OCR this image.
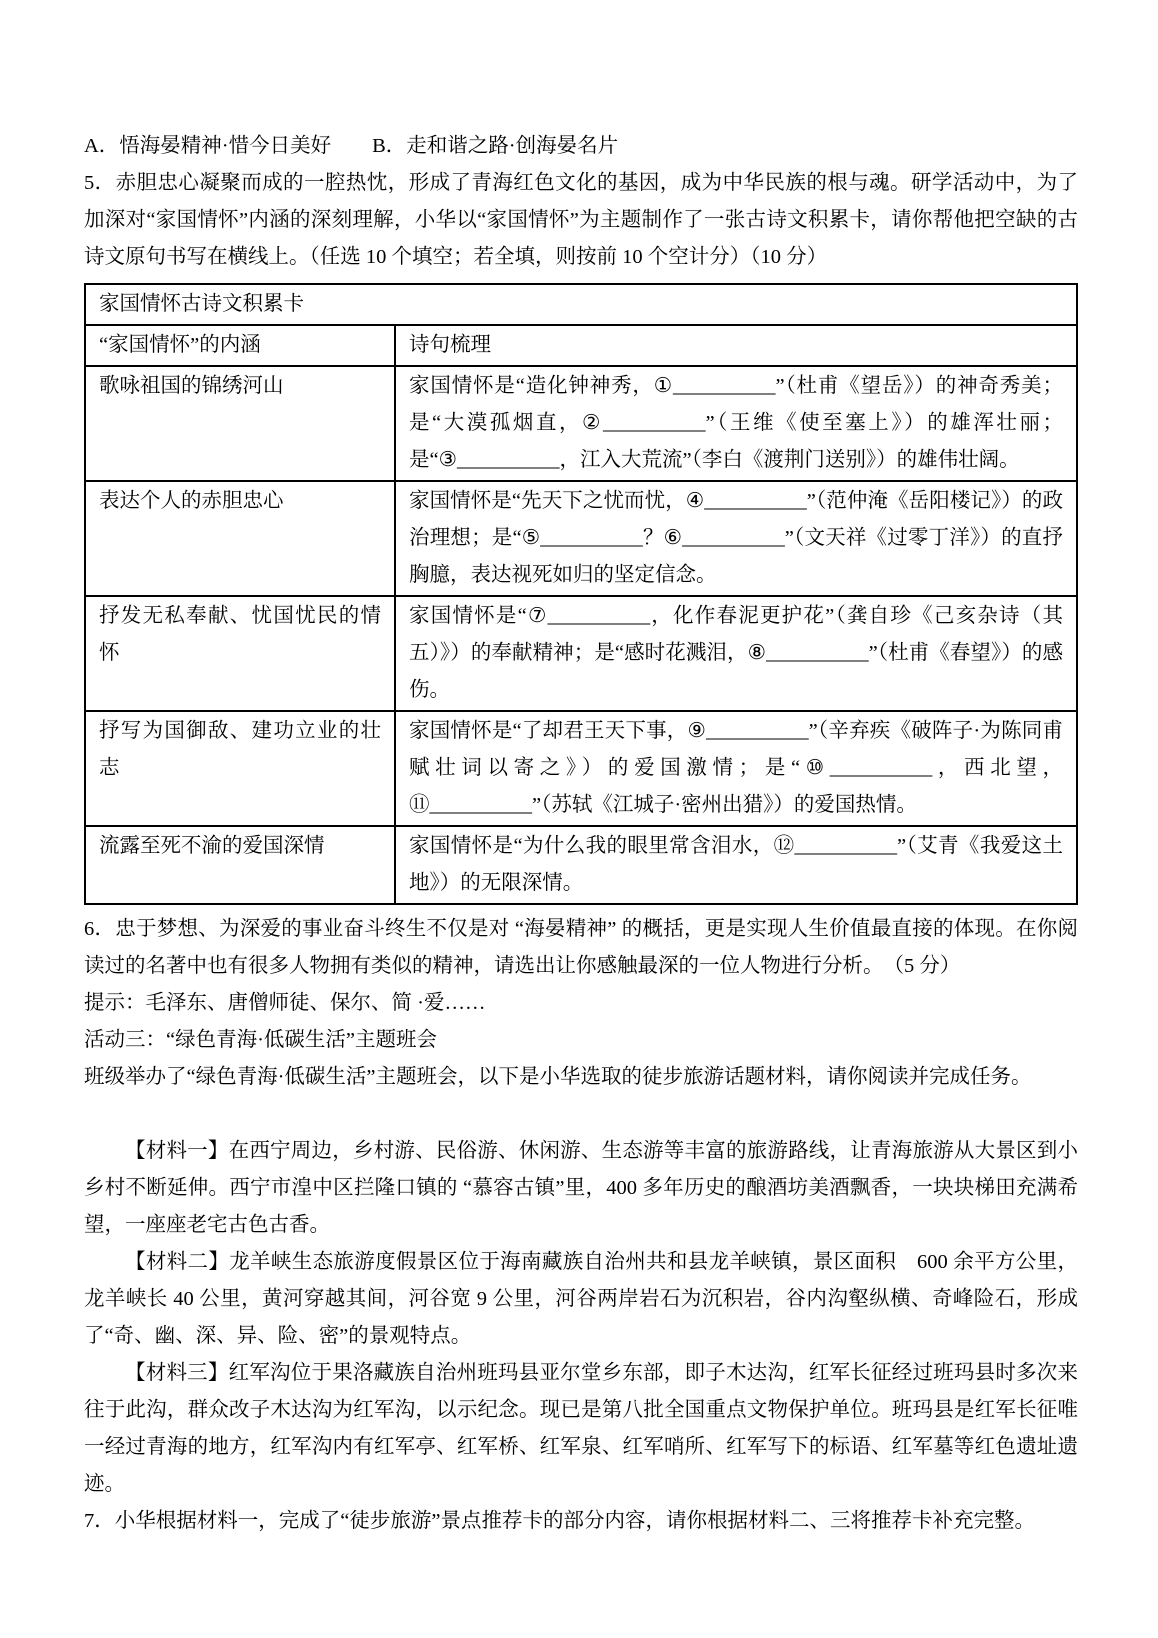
A．悟海晏精神·惜今日美好　　B．走和谐之路·创海晏名片

5．赤胆忠心凝聚而成的一腔热忱，形成了青海红色文化的基因，成为中华民族的根与魂。研学活动中，为了加深对“家国情怀”内涵的深刻理解，小华以“家国情怀”为主题制作了一张古诗文积累卡，请你帮他把空缺的古诗文原句书写在横线上。（任选 10 个填空；若全填，则按前 10 个空计分）（10 分）

家国情怀古诗文积累卡	
“家国情怀”的内涵	诗句梳理
歌咏祖国的锦绣河山	家国情怀是“造化钟神秀，①__________”（杜甫《望岳》）的神奇秀美；是“大漠孤烟直，②__________”（王维《使至塞上》）的雄浑壮丽；是“③__________，江入大荒流”（李白《渡荆门送别》）的雄伟壮阔。
表达个人的赤胆忠心	家国情怀是“先天下之忧而忧，④__________”（范仲淹《岳阳楼记》）的政治理想；是“⑤__________？⑥__________”（文天祥《过零丁洋》）的直抒胸臆，表达视死如归的坚定信念。
抒发无私奉献、忧国忧民的情怀	家国情怀是“⑦__________，化作春泥更护花”（龚自珍《己亥杂诗（其五）》）的奉献精神；是“感时花溅泪，⑧__________”（杜甫《春望》）的感伤。
抒写为国御敌、建功立业的壮志	家国情怀是“了却君王天下事，⑨__________”（辛弃疾《破阵子·为陈同甫赋壮词以寄之》）的爱国激情；是“⑩__________，西北望，⑪__________”（苏轼《江城子·密州出猎》）的爱国热情。
流露至死不渝的爱国深情	家国情怀是“为什么我的眼里常含泪水，⑫__________”（艾青《我爱这土地》）的无限深情。

6．忠于梦想、为深爱的事业奋斗终生不仅是对 “海晏精神” 的概括，更是实现人生价值最直接的体现。在你阅读过的名著中也有很多人物拥有类似的精神，请选出让你感触最深的一位人物进行分析。　（5 分）

提示：毛泽东、唐僧师徒、保尔、简 ·爱……

活动三：“绿色青海·低碳生活”主题班会

班级举办了“绿色青海·低碳生活”主题班会，以下是小华选取的徒步旅游话题材料，请你阅读并完成任务。

【材料一】在西宁周边，乡村游、民俗游、休闲游、生态游等丰富的旅游路线，让青海旅游从大景区到小乡村不断延伸。西宁市湟中区拦隆口镇的 “慕容古镇”里，400 多年历史的酿酒坊美酒飘香，一块块梯田充满希望，一座座老宅古色古香。

【材料二】龙羊峡生态旅游度假景区位于海南藏族自治州共和县龙羊峡镇，景区面积　600 余平方公里，龙羊峡长 40 公里，黄河穿越其间，河谷宽 9 公里，河谷两岸岩石为沉积岩，谷内沟壑纵横、奇峰险石，形成了“奇、幽、深、异、险、密”的景观特点。

【材料三】红军沟位于果洛藏族自治州班玛县亚尔堂乡东部，即子木达沟，红军长征经过班玛县时多次来往于此沟，群众改子木达沟为红军沟，以示纪念。现已是第八批全国重点文物保护单位。班玛县是红军长征唯一经过青海的地方，红军沟内有红军亭、红军桥、红军泉、红军哨所、红军写下的标语、红军墓等红色遗址遗迹。

7．小华根据材料一，完成了“徒步旅游”景点推荐卡的部分内容，请你根据材料二、三将推荐卡补充完整。
